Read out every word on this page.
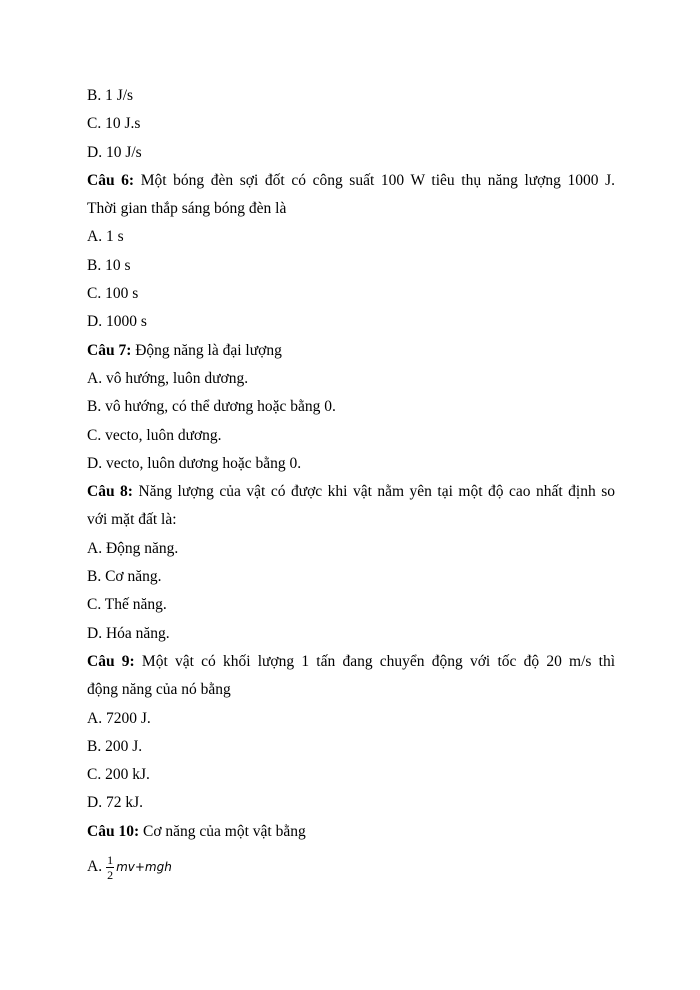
B. 1 J/s
C. 10 J.s
D. 10 J/s
Câu 6: Một bóng đèn sợi đốt có công suất 100 W tiêu thụ năng lượng 1000 J.
Thời gian thắp sáng bóng đèn là
A. 1 s
B. 10 s
C. 100 s
D. 1000 s
Câu 7: Động năng là đại lượng
A. vô hướng, luôn dương.
B. vô hướng, có thể dương hoặc bằng 0.
C. vecto, luôn dương.
D. vecto, luôn dương hoặc bằng 0.
Câu 8: Năng lượng của vật có được khi vật nằm yên tại một độ cao nhất định so
với mặt đất là:
A. Động năng.
B. Cơ năng.
C. Thế năng.
D. Hóa năng.
Câu 9: Một vật có khối lượng 1 tấn đang chuyển động với tốc độ 20 m/s thì
động năng của nó bằng
A. 7200 J.
B. 200 J.
C. 200 kJ.
D. 72 kJ.
Câu 10: Cơ năng của một vật bằng
A. $\frac{1}{2} mv+mgh$
